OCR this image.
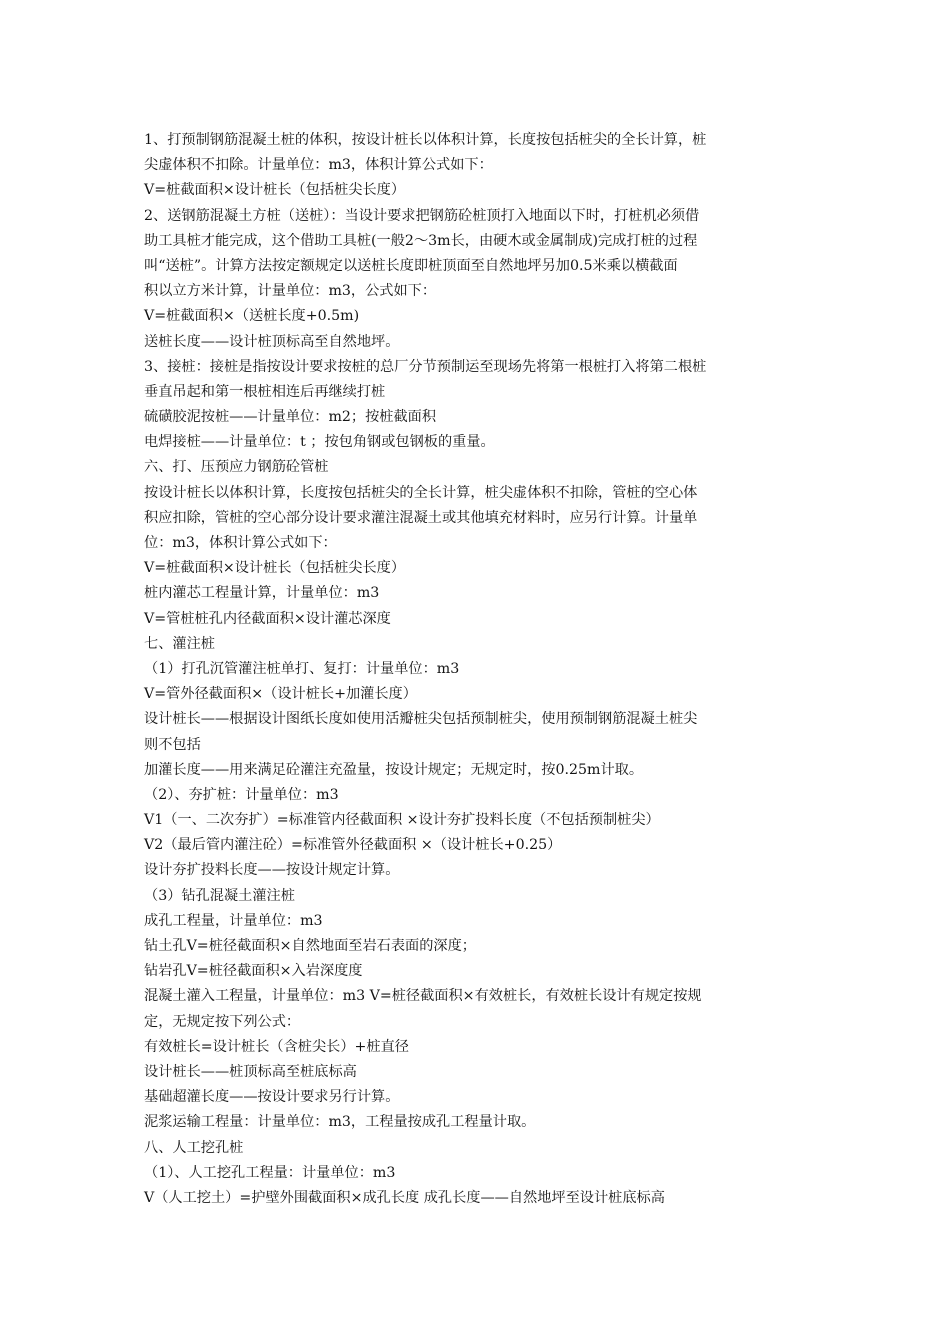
1、打预制钢筋混凝土桩的体积，按设计桩长以体积计算，长度按包括桩尖的全长计算，桩
尖虚体积不扣除。计量单位：m3，体积计算公式如下：
V=桩截面积×设计桩长（包括桩尖长度）
2、送钢筋混凝土方桩（送桩）：当设计要求把钢筋砼桩顶打入地面以下时，打桩机必须借
助工具桩才能完成，这个借助工具桩(一般2～3m长，由硬木或金属制成)完成打桩的过程
叫“送桩”。计算方法按定额规定以送桩长度即桩顶面至自然地坪另加0.5米乘以横截面
积以立方米计算，计量单位：m3，公式如下：
V=桩截面积×（送桩长度+0.5m)
送桩长度——设计桩顶标高至自然地坪。
3、接桩：接桩是指按设计要求按桩的总厂分节预制运至现场先将第一根桩打入将第二根桩
垂直吊起和第一根桩相连后再继续打桩
硫磺胶泥按桩——计量单位：m2；按桩截面积
电焊接桩——计量单位：t ；按包角钢或包钢板的重量。
六、打、压预应力钢筋砼管桩
按设计桩长以体积计算，长度按包括桩尖的全长计算，桩尖虚体积不扣除，管桩的空心体
积应扣除，管桩的空心部分设计要求灌注混凝土或其他填充材料时，应另行计算。计量单
位：m3，体积计算公式如下：
V=桩截面积×设计桩长（包括桩尖长度）
桩内灌芯工程量计算，计量单位：m3
V=管桩桩孔内径截面积×设计灌芯深度
七、灌注桩
（1）打孔沉管灌注桩单打、复打：计量单位：m3
V=管外径截面积×（设计桩长+加灌长度）
设计桩长——根据设计图纸长度如使用活瓣桩尖包括预制桩尖，使用预制钢筋混凝土桩尖
则不包括
加灌长度——用来满足砼灌注充盈量，按设计规定；无规定时，按0.25m计取。
（2）、夯扩桩：计量单位：m3
V1（一、二次夯扩）=标准管内径截面积 ×设计夯扩投料长度（不包括预制桩尖）
V2（最后管内灌注砼）=标准管外径截面积 ×（设计桩长+0.25）
设计夯扩投料长度——按设计规定计算。
（3）钻孔混凝土灌注桩
成孔工程量，计量单位：m3
钻土孔V=桩径截面积×自然地面至岩石表面的深度；
钻岩孔V=桩径截面积×入岩深度度
混凝土灌入工程量，计量单位：m3 V=桩径截面积×有效桩长，有效桩长设计有规定按规
定，无规定按下列公式：
有效桩长=设计桩长（含桩尖长）+桩直径
设计桩长——桩顶标高至桩底标高
基础超灌长度——按设计要求另行计算。
泥浆运输工程量：计量单位：m3，工程量按成孔工程量计取。
八、人工挖孔桩
（1）、人工挖孔工程量：计量单位：m3
V（人工挖土）=护壁外围截面积×成孔长度 成孔长度——自然地坪至设计桩底标高
